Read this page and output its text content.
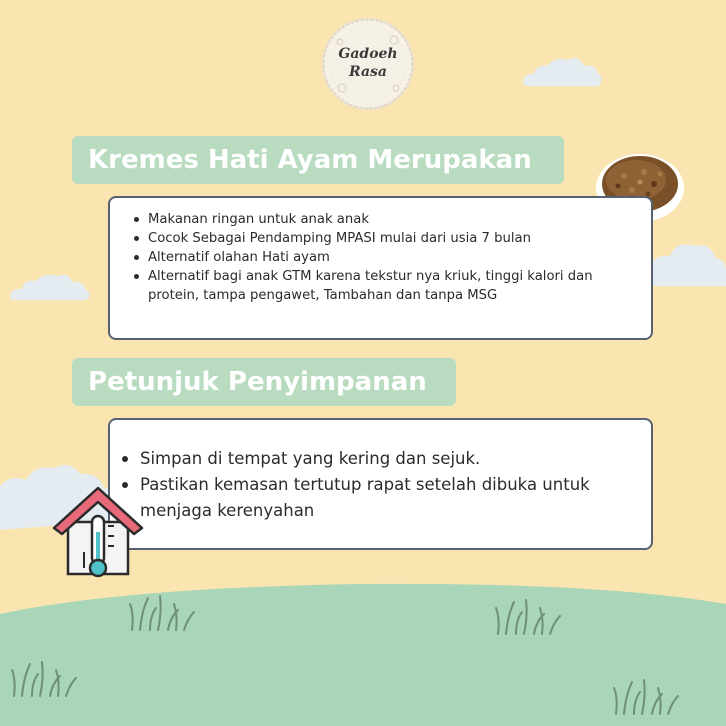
Gadoeh
Rasa
Kremes Hati Ayam Merupakan
Petunjuk Penyimpanan
Makanan ringan untuk anak anak
Cocok Sebagai Pendamping MPASI mulai dari usia 7 bulan
Alternatif olahan Hati ayam
Alternatif bagi anak GTM karena tekstur nya kriuk, tinggi kalori dan protein, tampa pengawet, Tambahan dan tanpa MSG
Simpan di tempat yang kering dan sejuk.
Pastikan kemasan tertutup rapat setelah dibuka untuk menjaga kerenyahan
